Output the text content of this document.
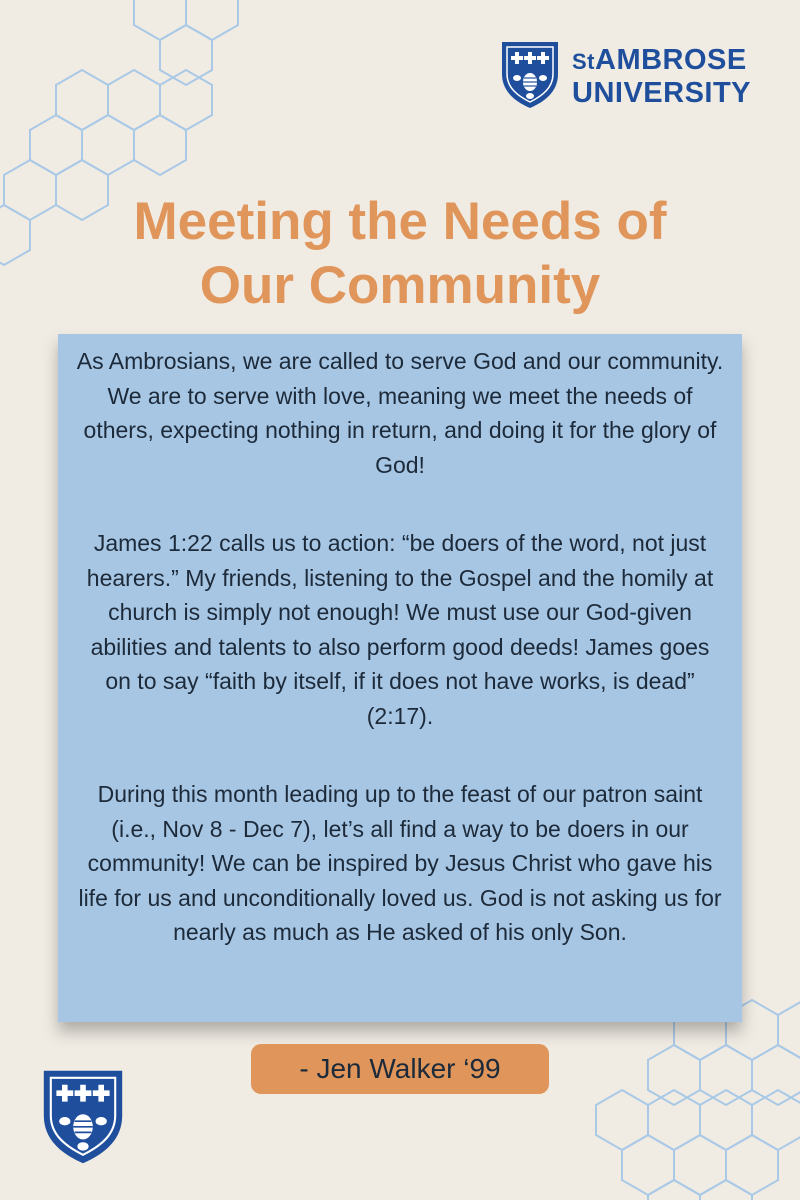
StAMBROSE
UNIVERSITY
Meeting the Needs of
Our Community

As Ambrosians, we are called to serve God and our community. We are to serve with love, meaning we meet the needs of others, expecting nothing in return, and doing it for the glory of God!

James 1:22 calls us to action: “be doers of the word, not just hearers.” My friends, listening to the Gospel and the homily at church is simply not enough! We must use our God-given abilities and talents to also perform good deeds! James goes on to say “faith by itself, if it does not have works, is dead” (2:17).

During this month leading up to the feast of our patron saint (i.e., Nov 8 - Dec 7), let’s all find a way to be doers in our community! We can be inspired by Jesus Christ who gave his life for us and unconditionally loved us. God is not asking us for nearly as much as He asked of his only Son.

- Jen Walker ‘99
